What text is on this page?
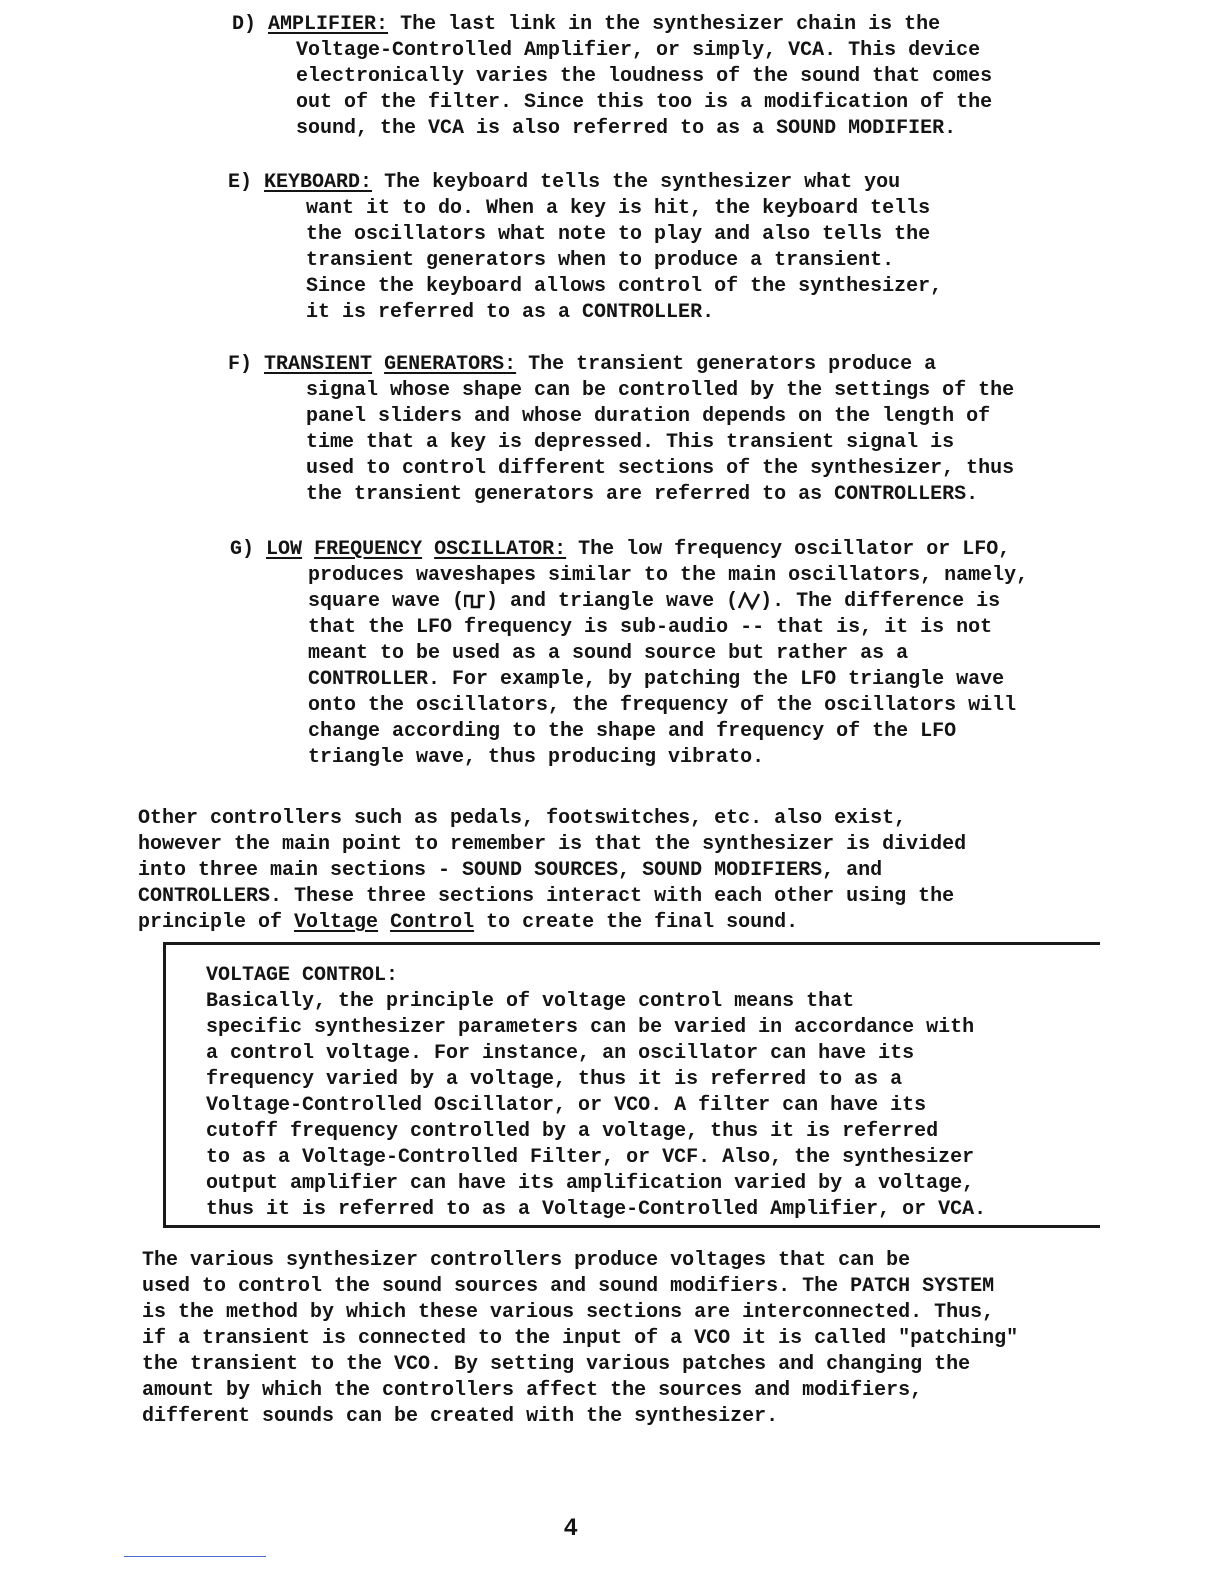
D) AMPLIFIER: The last link in the synthesizer chain is the
Voltage-Controlled Amplifier, or simply, VCA. This device
electronically varies the loudness of the sound that comes
out of the filter. Since this too is a modification of the
sound, the VCA is also referred to as a SOUND MODIFIER.
E) KEYBOARD: The keyboard tells the synthesizer what you
want it to do. When a key is hit, the keyboard tells
the oscillators what note to play and also tells the
transient generators when to produce a transient.
Since the keyboard allows control of the synthesizer,
it is referred to as a CONTROLLER.
F) TRANSIENT GENERATORS: The transient generators produce a
signal whose shape can be controlled by the settings of the
panel sliders and whose duration depends on the length of
time that a key is depressed. This transient signal is
used to control different sections of the synthesizer, thus
the transient generators are referred to as CONTROLLERS.
G) LOW FREQUENCY OSCILLATOR: The low frequency oscillator or LFO,
produces waveshapes similar to the main oscillators, namely,
square wave ( ) and triangle wave ( ). The difference is
that the LFO frequency is sub-audio -- that is, it is not
meant to be used as a sound source but rather as a
CONTROLLER. For example, by patching the LFO triangle wave
onto the oscillators, the frequency of the oscillators will
change according to the shape and frequency of the LFO
triangle wave, thus producing vibrato.
Other controllers such as pedals, footswitches, etc. also exist,
however the main point to remember is that the synthesizer is divided
into three main sections - SOUND SOURCES, SOUND MODIFIERS, and
CONTROLLERS. These three sections interact with each other using the
principle of Voltage Control to create the final sound.
VOLTAGE CONTROL:
Basically, the principle of voltage control means that
specific synthesizer parameters can be varied in accordance with
a control voltage. For instance, an oscillator can have its
frequency varied by a voltage, thus it is referred to as a
Voltage-Controlled Oscillator, or VCO. A filter can have its
cutoff frequency controlled by a voltage, thus it is referred
to as a Voltage-Controlled Filter, or VCF. Also, the synthesizer
output amplifier can have its amplification varied by a voltage,
thus it is referred to as a Voltage-Controlled Amplifier, or VCA.
The various synthesizer controllers produce voltages that can be
used to control the sound sources and sound modifiers. The PATCH SYSTEM
is the method by which these various sections are interconnected. Thus,
if a transient is connected to the input of a VCO it is called "patching"
the transient to the VCO. By setting various patches and changing the
amount by which the controllers affect the sources and modifiers,
different sounds can be created with the synthesizer.
4
